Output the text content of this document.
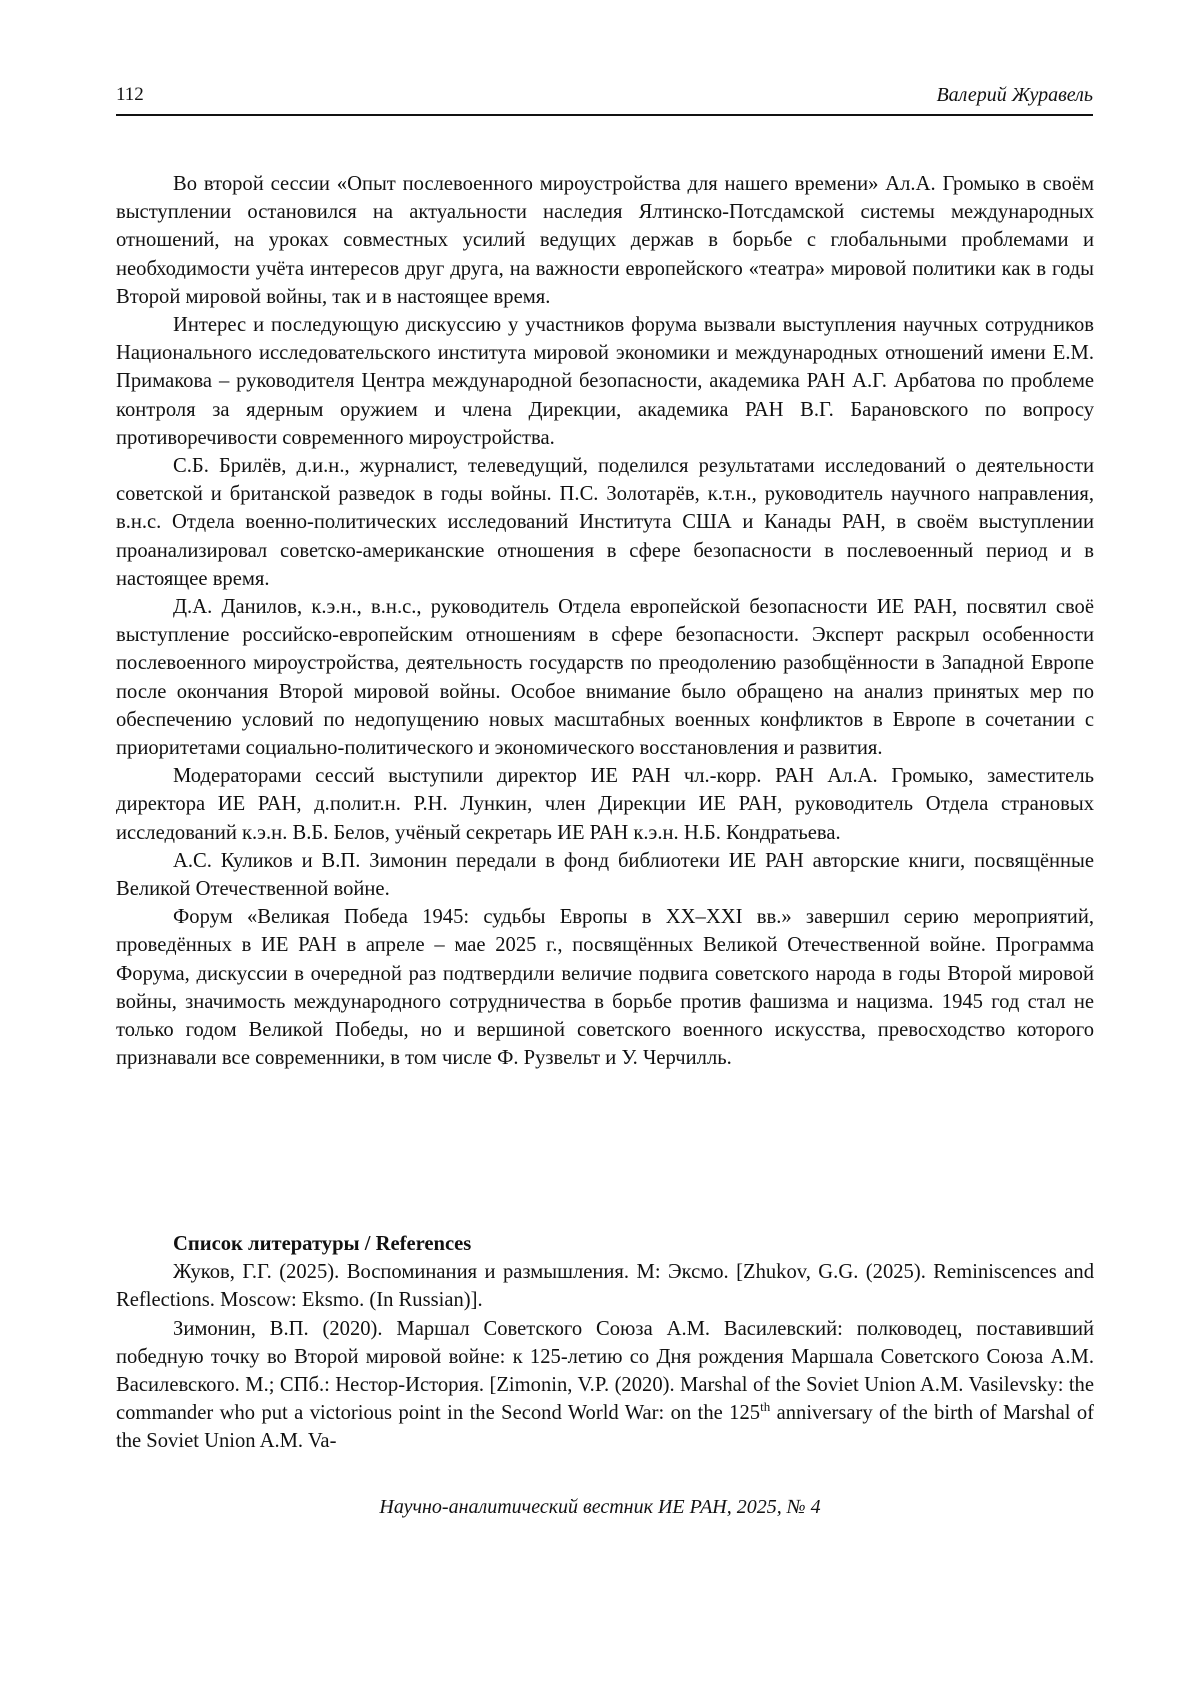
112	Валерий Журавель

Во второй сессии «Опыт послевоенного мироустройства для нашего времени» Ал.А. Громыко в своём выступлении остановился на актуальности наследия Ялтинско-Потсдамской системы международных отношений, на уроках совместных усилий ведущих держав в борьбе с глобальными проблемами и необходимости учёта интересов друг друга, на важности европейского «театра» мировой политики как в годы Второй мировой войны, так и в настоящее время.

Интерес и последующую дискуссию у участников форума вызвали выступления научных сотрудников Национального исследовательского института мировой экономики и международных отношений имени Е.М. Примакова – руководителя Центра международной безопасности, академика РАН А.Г. Арбатова по проблеме контроля за ядерным оружием и члена Дирекции, академика РАН В.Г. Барановского по вопросу противоречивости современного мироустройства.

С.Б. Брилёв, д.и.н., журналист, телеведущий, поделился результатами исследований о деятельности советской и британской разведок в годы войны. П.С. Золотарёв, к.т.н., руководитель научного направления, в.н.с. Отдела военно-политических исследований Института США и Канады РАН, в своём выступлении проанализировал советско-американские отношения в сфере безопасности в послевоенный период и в настоящее время.

Д.А. Данилов, к.э.н., в.н.с., руководитель Отдела европейской безопасности ИЕ РАН, посвятил своё выступление российско-европейским отношениям в сфере безопасности. Эксперт раскрыл особенности послевоенного мироустройства, деятельность государств по преодолению разобщённости в Западной Европе после окончания Второй мировой войны. Особое внимание было обращено на анализ принятых мер по обеспечению условий по недопущению новых масштабных военных конфликтов в Европе в сочетании с приоритетами социально-политического и экономического восстановления и развития.

Модераторами сессий выступили директор ИЕ РАН чл.-корр. РАН Ал.А. Громыко, заместитель директора ИЕ РАН, д.полит.н. Р.Н. Лункин, член Дирекции ИЕ РАН, руководитель Отдела страновых исследований к.э.н. В.Б. Белов, учёный секретарь ИЕ РАН к.э.н. Н.Б. Кондратьева.

А.С. Куликов и В.П. Зимонин передали в фонд библиотеки ИЕ РАН авторские книги, посвящённые Великой Отечественной войне.

Форум «Великая Победа 1945: судьбы Европы в XX–XXI вв.» завершил серию мероприятий, проведённых в ИЕ РАН в апреле – мае 2025 г., посвящённых Великой Отечественной войне. Программа Форума, дискуссии в очередной раз подтвердили величие подвига советского народа в годы Второй мировой войны, значимость международного сотрудничества в борьбе против фашизма и нацизма. 1945 год стал не только годом Великой Победы, но и вершиной советского военного искусства, превосходство которого признавали все современники, в том числе Ф. Рузвельт и У. Черчилль.

Список литературы / References

Жуков, Г.Г. (2025). Воспоминания и размышления. М: Эксмо. [Zhukov, G.G. (2025). Reminiscences and Reflections. Moscow: Eksmo. (In Russian)].

Зимонин, В.П. (2020). Маршал Советского Союза А.М. Василевский: полководец, поставивший победную точку во Второй мировой войне: к 125-летию со Дня рождения Маршала Советского Союза А.М. Василевского. М.; СПб.: Нестор-История. [Zimonin, V.P. (2020). Marshal of the Soviet Union A.M. Vasilevsky: the commander who put a victorious point in the Second World War: on the 125th anniversary of the birth of Marshal of the Soviet Union A.M. Va-

Научно-аналитический вестник ИЕ РАН, 2025, № 4
